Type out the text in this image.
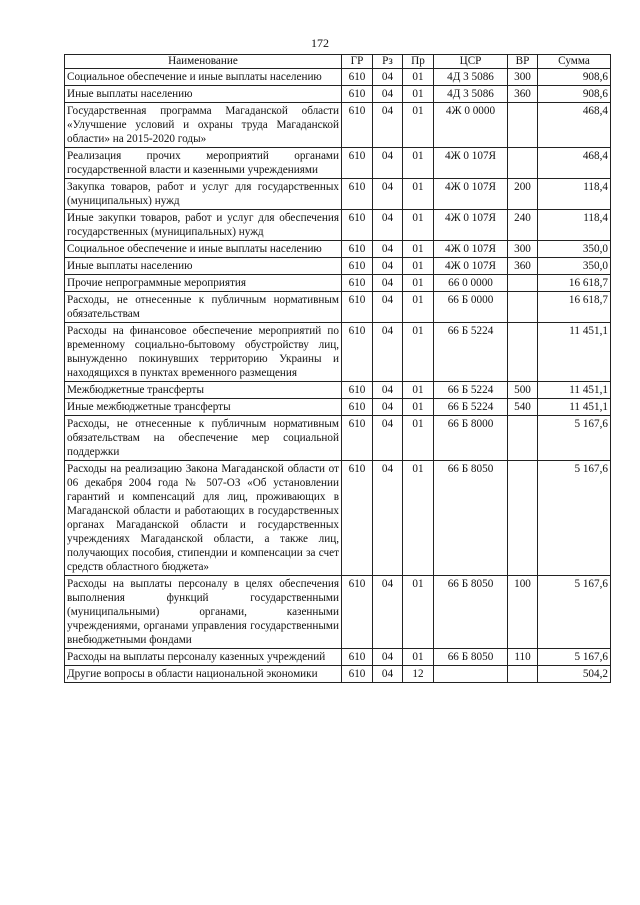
172
Наименование	ГР	Рз	Пр	ЦСР	ВР	Сумма
Социальное обеспечение и иные выплаты населению	610	04	01	4Д 3 5086	300	908,6
Иные выплаты населению	610	04	01	4Д 3 5086	360	908,6
Государственная программа Магаданской области «Улучшение условий и охраны труда Магаданской области» на 2015-2020 годы»	610	04	01	4Ж 0 0000		468,4
Реализация прочих мероприятий органами государственной власти и казенными учреждениями	610	04	01	4Ж 0 107Я		468,4
Закупка товаров, работ и услуг для государственных (муниципальных) нужд	610	04	01	4Ж 0 107Я	200	118,4
Иные закупки товаров, работ и услуг для обеспечения государственных (муниципальных) нужд	610	04	01	4Ж 0 107Я	240	118,4
Социальное обеспечение и иные выплаты населению	610	04	01	4Ж 0 107Я	300	350,0
Иные выплаты населению	610	04	01	4Ж 0 107Я	360	350,0
Прочие непрограммные мероприятия	610	04	01	66 0 0000		16 618,7
Расходы, не отнесенные к публичным нормативным обязательствам	610	04	01	66 Б 0000		16 618,7
Расходы на финансовое обеспечение мероприятий по временному социально-бытовому обустройству лиц, вынужденно покинувших территорию Украины и находящихся в пунктах временного размещения	610	04	01	66 Б 5224		11 451,1
Межбюджетные трансферты	610	04	01	66 Б 5224	500	11 451,1
Иные межбюджетные трансферты	610	04	01	66 Б 5224	540	11 451,1
Расходы, не отнесенные к публичным нормативным обязательствам на обеспечение мер социальной поддержки	610	04	01	66 Б 8000		5 167,6
Расходы на реализацию Закона Магаданской области от 06 декабря 2004 года № 507-ОЗ «Об установлении гарантий и компенсаций для лиц, проживающих в Магаданской области и работающих в государственных органах Магаданской области и государственных учреждениях Магаданской области, а также лиц, получающих пособия, стипендии и компенсации за счет средств областного бюджета»	610	04	01	66 Б 8050		5 167,6
Расходы на выплаты персоналу в целях обеспечения выполнения функций государственными (муниципальными) органами, казенными учреждениями, органами управления государственными внебюджетными фондами	610	04	01	66 Б 8050	100	5 167,6
Расходы на выплаты персоналу казенных учреждений	610	04	01	66 Б 8050	110	5 167,6
Другие вопросы в области национальной экономики	610	04	12			504,2
